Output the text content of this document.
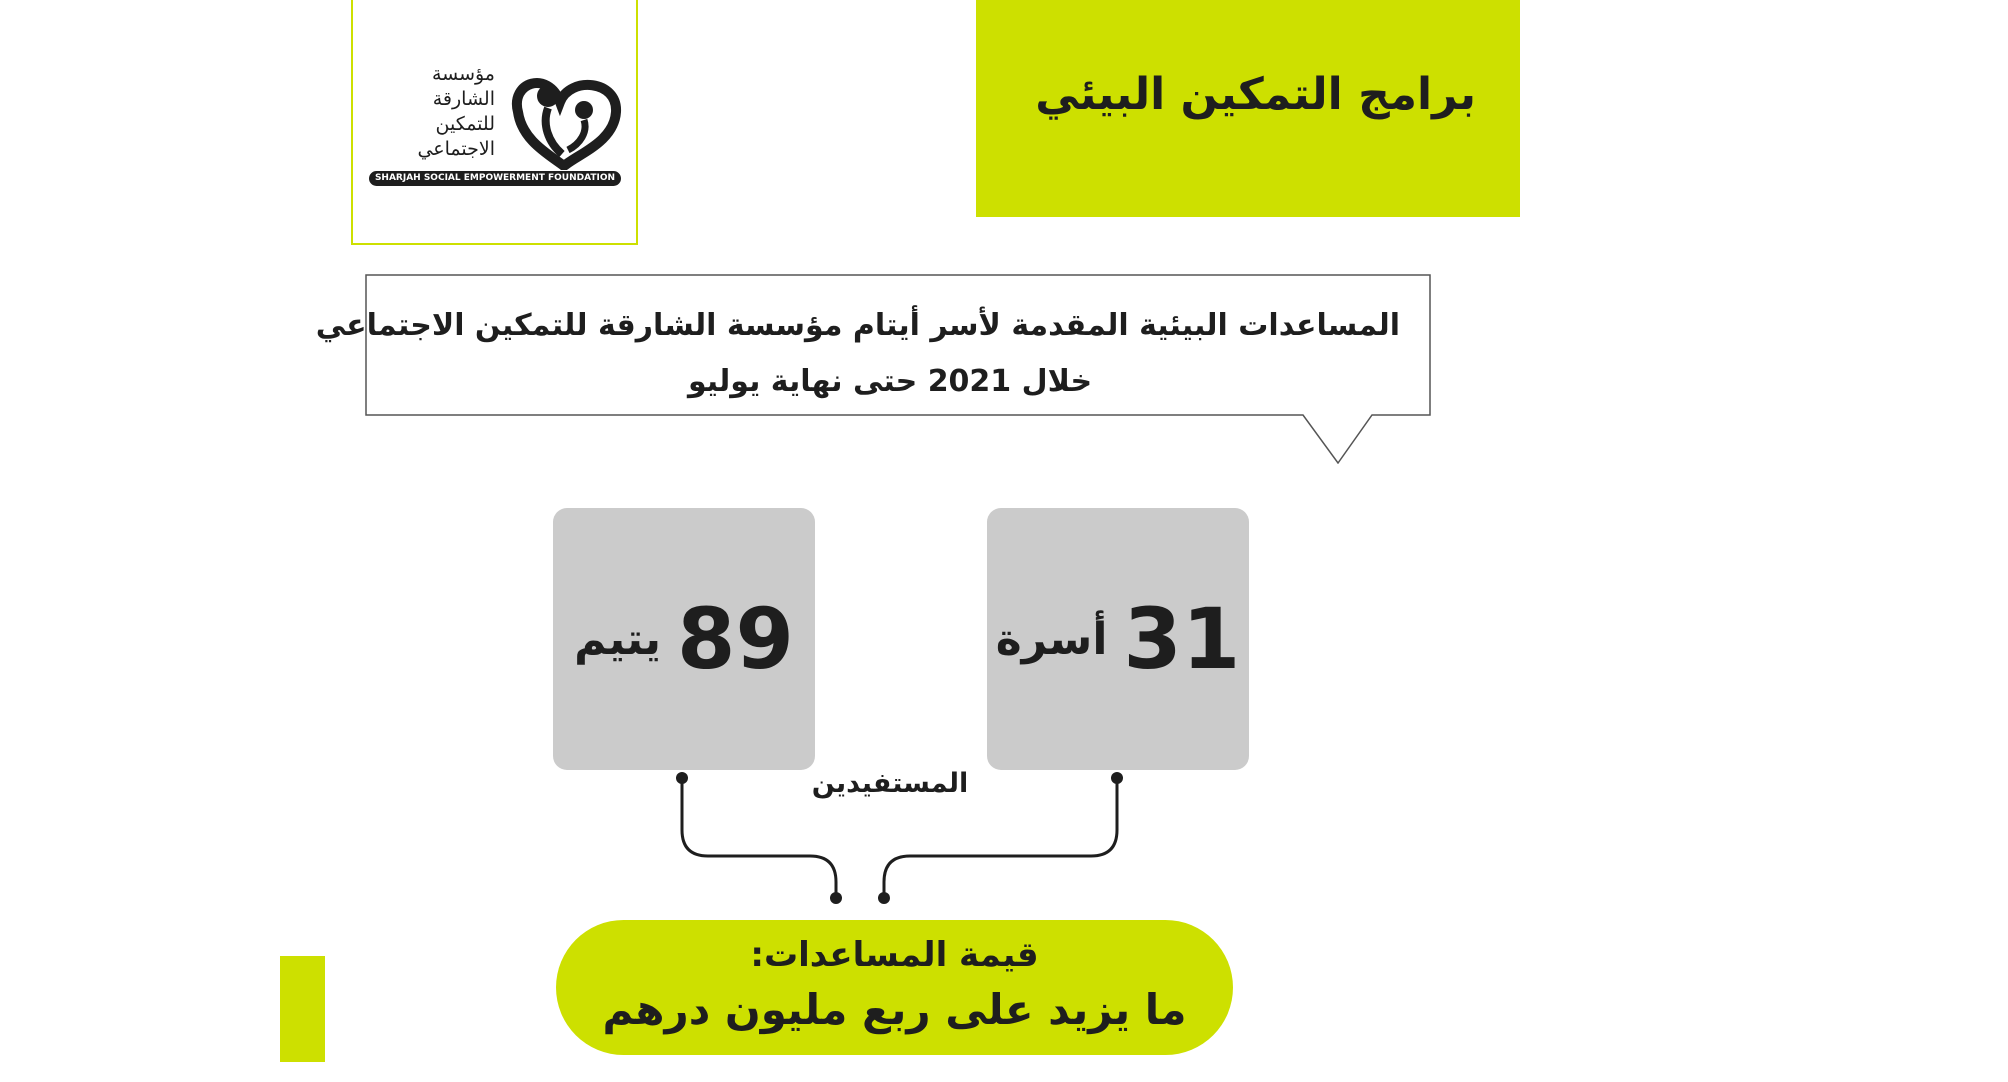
مؤسسة
الشارقة
للتمكين
الاجتماعي
SHARJAH SOCIAL EMPOWERMENT FOUNDATION
برامج التمكين البيئي
المساعدات البيئية المقدمة لأسر أيتام مؤسسة الشارقة للتمكين الاجتماعي
خلال 2021 حتى نهاية يوليو
31
أسرة
89
يتيم
المستفيدين
قيمة المساعدات:
ما يزيد على ربع مليون درهم
